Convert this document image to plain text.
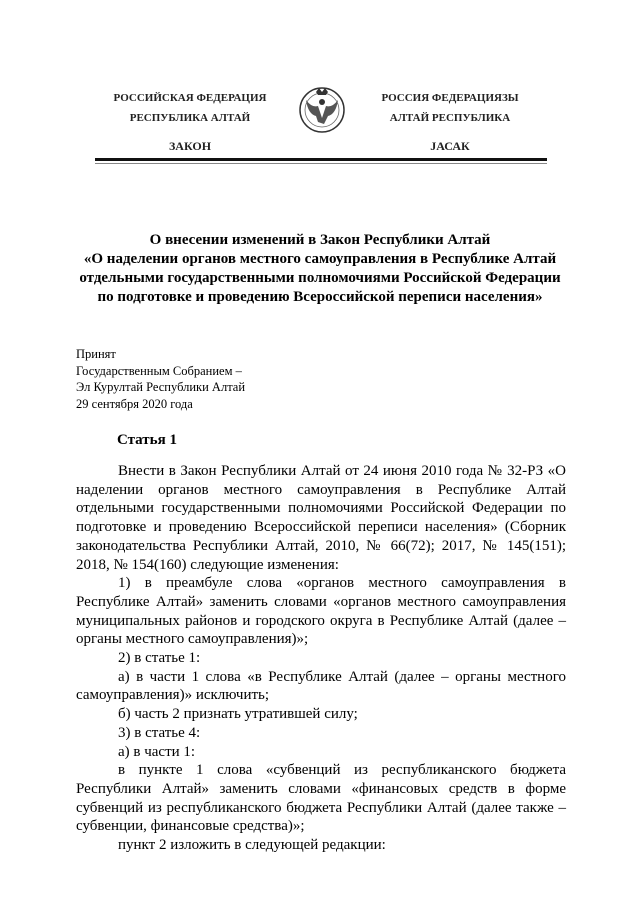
РОССИЙСКАЯ ФЕДЕРАЦИЯ
РЕСПУБЛИКА АЛТАЙ
ЗАКОН
РОССИЯ ФЕДЕРАЦИЯЗЫ
АЛТАЙ РЕСПУБЛИКА
JАСАК
О внесении изменений в Закон Республики Алтай
«О наделении органов местного самоуправления в Республике Алтай
отдельными государственными полномочиями Российской Федерации
по подготовке и проведению Всероссийской переписи населения»
Принят
Государственным Собранием –
Эл Курултай Республики Алтай
29 сентября 2020 года
Статья 1

Внести в Закон Республики Алтай от 24 июня 2010 года № 32-РЗ «О наделении органов местного самоуправления в Республике Алтай отдельными государственными полномочиями Российской Федерации по подготовке и проведению Всероссийской переписи населения» (Сборник законодательства Республики Алтай, 2010, № 66(72); 2017, № 145(151); 2018, № 154(160) следующие изменения:

1) в преамбуле слова «органов местного самоуправления в Республике Алтай» заменить словами «органов местного самоуправления муниципальных районов и городского округа в Республике Алтай (далее – органы местного самоуправления)»;

2) в статье 1:

а) в части 1 слова «в Республике Алтай (далее – органы местного самоуправления)» исключить;

б) часть 2 признать утратившей силу;

3) в статье 4:

а) в части 1:

в пункте 1 слова «субвенций из республиканского бюджета Республики Алтай» заменить словами «финансовых средств в форме субвенций из республиканского бюджета Республики Алтай (далее также – субвенции, финансовые средства)»;

пункт 2 изложить в следующей редакции:
